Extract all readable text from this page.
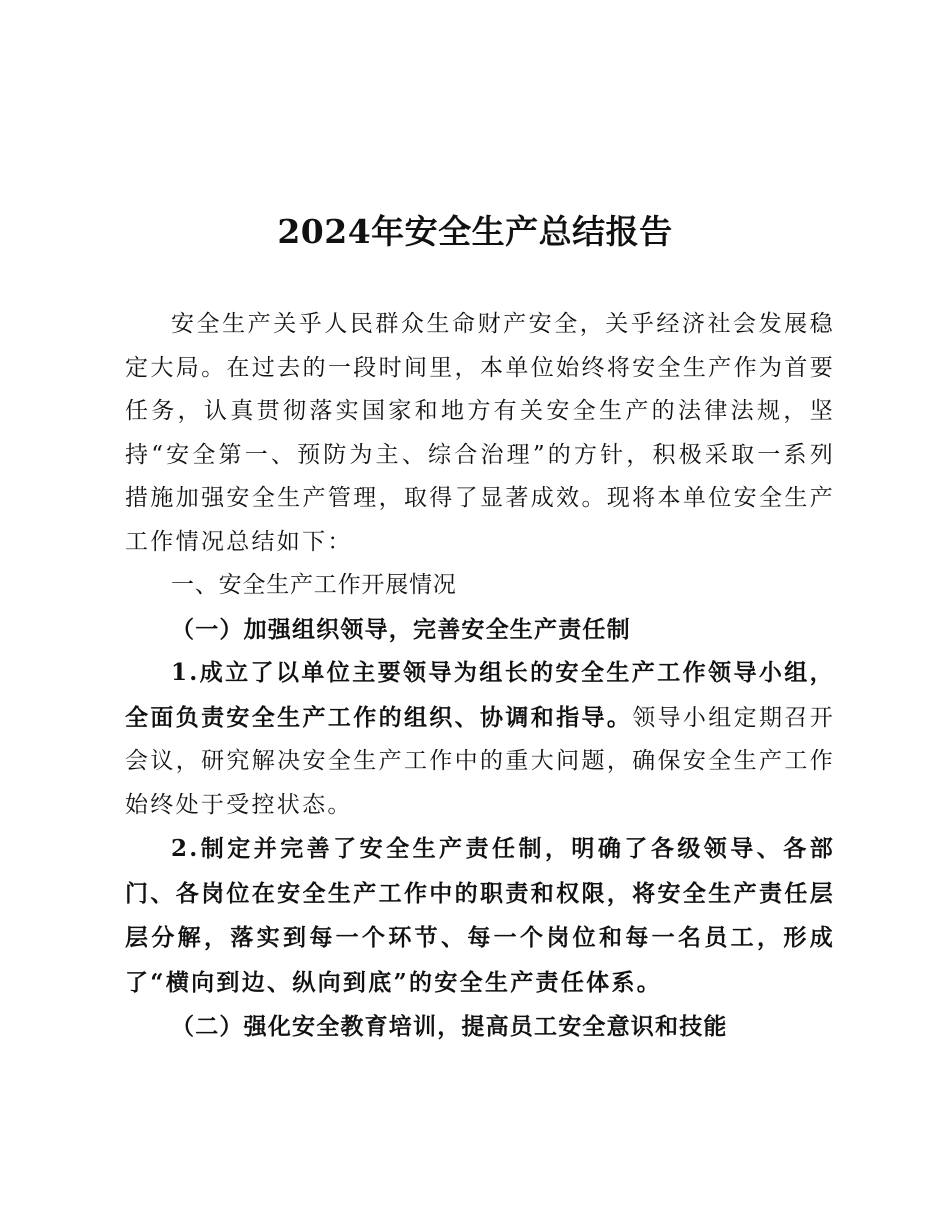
2024年安全生产总结报告

安全生产关乎人民群众生命财产安全，关乎经济社会发展稳定大局。在过去的一段时间里，本单位始终将安全生产作为首要任务，认真贯彻落实国家和地方有关安全生产的法律法规，坚持“安全第一、预防为主、综合治理”的方针，积极采取一系列措施加强安全生产管理，取得了显著成效。现将本单位安全生产工作情况总结如下：

一、安全生产工作开展情况

（一）加强组织领导，完善安全生产责任制

1.成立了以单位主要领导为组长的安全生产工作领导小组，全面负责安全生产工作的组织、协调和指导。领导小组定期召开会议，研究解决安全生产工作中的重大问题，确保安全生产工作始终处于受控状态。

2.制定并完善了安全生产责任制，明确了各级领导、各部门、各岗位在安全生产工作中的职责和权限，将安全生产责任层层分解，落实到每一个环节、每一个岗位和每一名员工，形成了“横向到边、纵向到底”的安全生产责任体系。

（二）强化安全教育培训，提高员工安全意识和技能
